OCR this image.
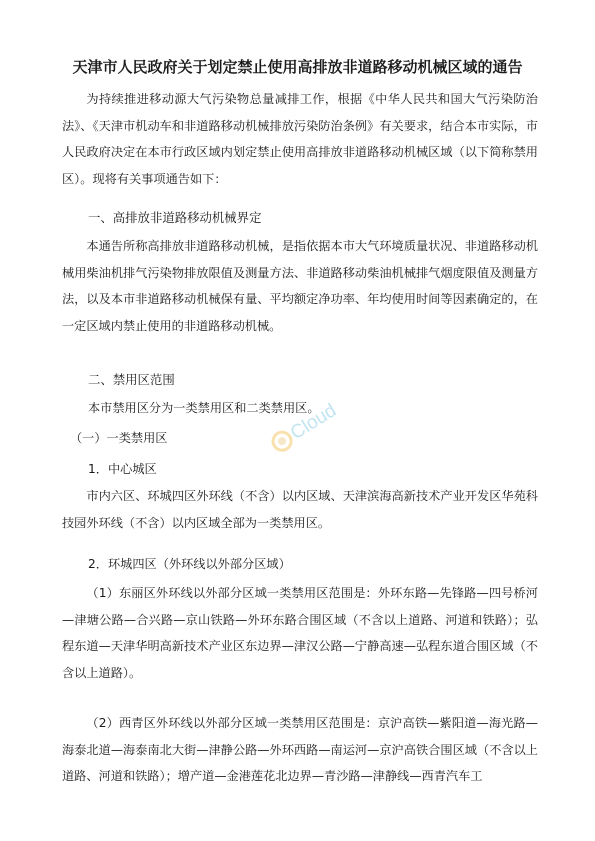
天津市人民政府关于划定禁止使用高排放非道路移动机械区域的通告
为持续推进移动源大气污染物总量减排工作，根据《中华人民共和国大气污染防治法》、《天津市机动车和非道路移动机械排放污染防治条例》有关要求，结合本市实际，市人民政府决定在本市行政区域内划定禁止使用高排放非道路移动机械区域（以下简称禁用区）。现将有关事项通告如下：
一、高排放非道路移动机械界定
本通告所称高排放非道路移动机械，是指依据本市大气环境质量状况、非道路移动机械用柴油机排气污染物排放限值及测量方法、非道路移动柴油机械排气烟度限值及测量方法，以及本市非道路移动机械保有量、平均额定净功率、年均使用时间等因素确定的，在一定区域内禁止使用的非道路移动机械。
二、禁用区范围
本市禁用区分为一类禁用区和二类禁用区。
（一）一类禁用区
1．中心城区
市内六区、环城四区外环线（不含）以内区域、天津滨海高新技术产业开发区华苑科技园外环线（不含）以内区域全部为一类禁用区。
2．环城四区（外环线以外部分区域）
（1）东丽区外环线以外部分区域一类禁用区范围是：外环东路—先锋路—四号桥河—津塘公路—合兴路—京山铁路—外环东路合围区域（不含以上道路、河道和铁路）；弘程东道—天津华明高新技术产业区东边界—津汉公路—宁静高速—弘程东道合围区域（不含以上道路）。
（2）西青区外环线以外部分区域一类禁用区范围是：京沪高铁—紫阳道—海光路—海泰北道—海泰南北大街—津静公路—外环西路—南运河—京沪高铁合围区域（不含以上道路、河道和铁路）；增产道—金港莲花北边界—青沙路—津静线—西青汽车工
Cloud
